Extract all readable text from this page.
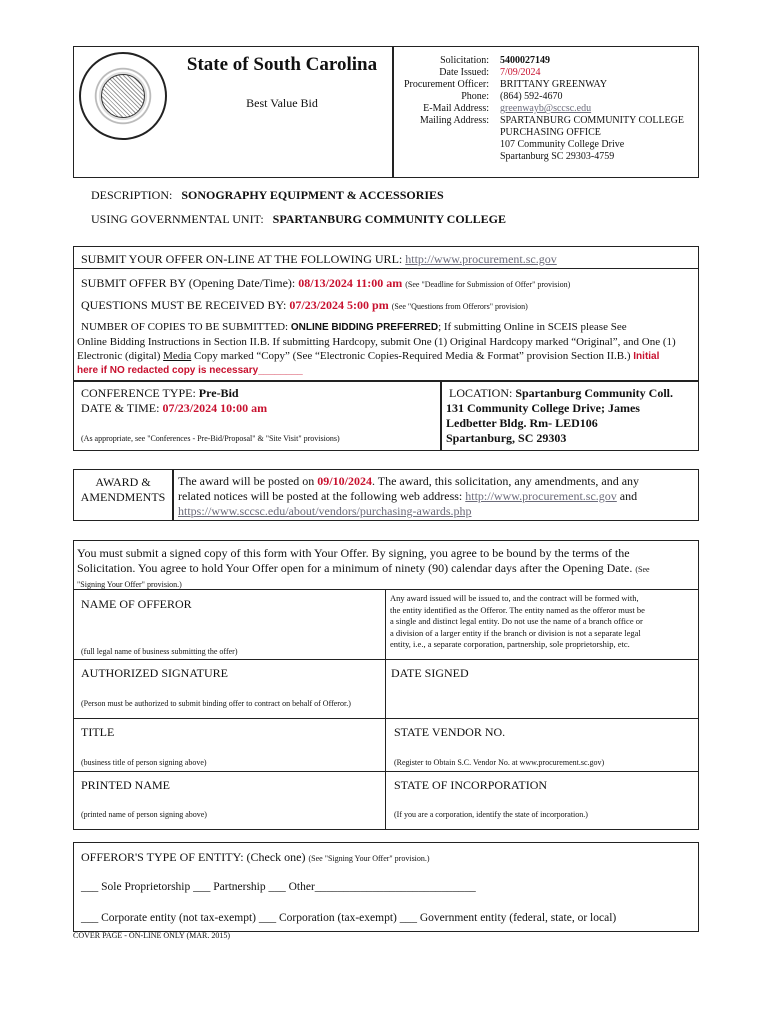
State of South Carolina
Best Value Bid
Solicitation:
Date Issued:
Procurement Officer:
Phone:
E-Mail Address:
Mailing Address:
5400027149
7/09/2024
BRITTANY GREENWAY
(864) 592-4670
greenwayb@sccsc.edu
SPARTANBURG COMMUNITY COLLEGE
PURCHASING OFFICE
107 Community College Drive
Spartanburg SC 29303-4759
DESCRIPTION: SONOGRAPHY EQUIPMENT & ACCESSORIES
USING GOVERNMENTAL UNIT: SPARTANBURG COMMUNITY COLLEGE
SUBMIT YOUR OFFER ON-LINE AT THE FOLLOWING URL: http://www.procurement.sc.gov
SUBMIT OFFER BY (Opening Date/Time): 08/13/2024 11:00 am (See "Deadline for Submission of Offer" provision)
QUESTIONS MUST BE RECEIVED BY: 07/23/2024 5:00 pm (See "Questions from Offerors" provision)
NUMBER OF COPIES TO BE SUBMITTED: ONLINE BIDDING PREFERRED; If submitting Online in SCEIS please See
Online Bidding Instructions in Section II.B. If submitting Hardcopy, submit One (1) Original Hardcopy marked “Original”, and One (1)
Electronic (digital) Media Copy marked “Copy” (See “Electronic Copies-Required Media & Format” provision Section II.B.) Initial
here if NO redacted copy is necessary________
CONFERENCE TYPE: Pre-Bid
DATE & TIME: 07/23/2024 10:00 am
(As appropriate, see "Conferences - Pre-Bid/Proposal" & "Site Visit" provisions)
LOCATION: Spartanburg Community Coll.
131 Community College Drive; James
Ledbetter Bldg. Rm- LED106
Spartanburg, SC 29303
AWARD &
AMENDMENTS
The award will be posted on 09/10/2024. The award, this solicitation, any amendments, and any
related notices will be posted at the following web address: http://www.procurement.sc.gov and
https://www.sccsc.edu/about/vendors/purchasing-awards.php
You must submit a signed copy of this form with Your Offer. By signing, you agree to be bound by the terms of the
Solicitation. You agree to hold Your Offer open for a minimum of ninety (90) calendar days after the Opening Date. (See
"Signing Your Offer" provision.)
NAME OF OFFEROR
(full legal name of business submitting the offer)
Any award issued will be issued to, and the contract will be formed with,
the entity identified as the Offeror. The entity named as the offeror must be
a single and distinct legal entity. Do not use the name of a branch office or
a division of a larger entity if the branch or division is not a separate legal
entity, i.e., a separate corporation, partnership, sole proprietorship, etc.
AUTHORIZED SIGNATURE
(Person must be authorized to submit binding offer to contract on behalf of Offeror.)
DATE SIGNED
TITLE
(business title of person signing above)
STATE VENDOR NO.
(Register to Obtain S.C. Vendor No. at www.procurement.sc.gov)
PRINTED NAME
(printed name of person signing above)
STATE OF INCORPORATION
(If you are a corporation, identify the state of incorporation.)
OFFEROR'S TYPE OF ENTITY: (Check one) (See "Signing Your Offer" provision.)
___ Sole Proprietorship ___ Partnership ___ Other____________________________
___ Corporate entity (not tax-exempt) ___ Corporation (tax-exempt) ___ Government entity (federal, state, or local)
COVER PAGE - ON-LINE ONLY (MAR. 2015)
